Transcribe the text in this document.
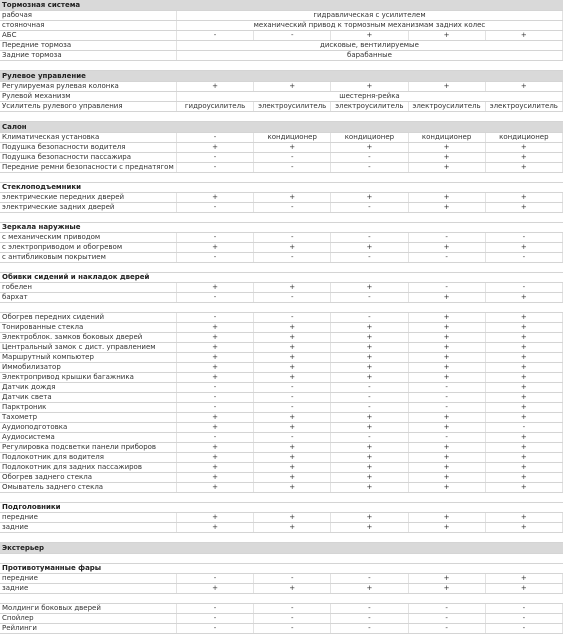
Тормозная система					
рабочая	гидравлическая с усилителем				
стояночная	механический привод к тормозным механизмам задних колес				
АБС	-	-	+	+	+
Передние тормоза	дисковые, вентилируемые				
Задние тормоза	барабанные				

Рулевое управление					
Регулируемая рулевая колонка	+	+	+	+	+
Рулевой механизм	шестерня-рейка				
Усилитель рулевого управления	гидроусилитель	электроусилитель	электроусилитель	электроусилитель	электроусилитель

Салон					
Климатическая установка	-	кондиционер	кондиционер	кондиционер	кондиционер
Подушка безопасности водителя	+	+	+	+	+
Подушка безопасности пассажира	-	-	-	+	+
Передние ремни безопасности с преднатягом	-	-	-	+	+

Стеклоподъемники					
электрические передних дверей	+	+	+	+	+
электрические задних дверей	-	-	-	+	+

Зеркала наружные					
с механическим приводом	-	-	-	-	-
с электроприводом и обогревом	+	+	+	+	+
с антибликовым покрытием	-	-	-	-	-

Обивки сидений и накладок дверей					
гобелен	+	+	+	-	-
бархат	-	-	-	+	+

Обогрев передних сидений	-	-	-	+	+
Тонированные стекла	+	+	+	+	+
Электроблок. замков боковых дверей	+	+	+	+	+
Центральный замок с дист. управлением	+	+	+	+	+
Маршрутный компьютер	+	+	+	+	+
Иммобилизатор	+	+	+	+	+
Электропривод крышки багажника	+	+	+	+	+
Датчик дождя	-	-	-	-	+
Датчик света	-	-	-	-	+
Парктроник	-	-	-	-	+
Тахометр	+	+	+	+	+
Аудиоподготовка	+	+	+	+	-
Аудиосистема	-	-	-	-	+
Регулировка подсветки панели приборов	+	+	+	+	+
Подлокотник для водителя	+	+	+	+	+
Подлокотник для задних пассажиров	+	+	+	+	+
Обогрев заднего стекла	+	+	+	+	+
Омыватель заднего стекла	+	+	+	+	+

Подголовники					
передние	+	+	+	+	+
задние	+	+	+	+	+

Экстерьер					

Противотуманные фары					
передние	-	-	-	+	+
задние	+	+	+	+	+

Молдинги боковых дверей	-	-	-	-	-
Спойлер	-	-	-	-	-
Рейлинги	-	-	-	-	-
